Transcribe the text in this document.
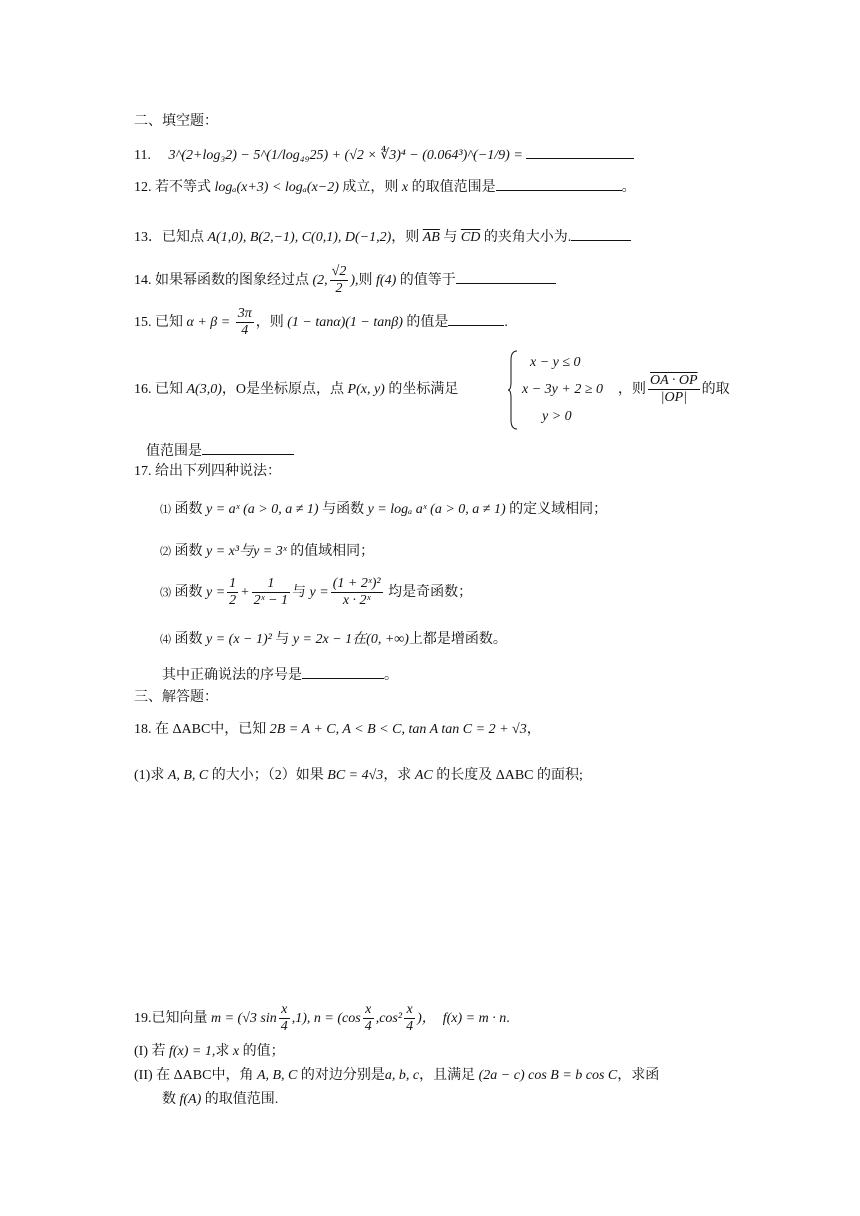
二、填空题：
11. 3^(2+log₃2) − 5^(1/log₄₉25) + (√2 × ∜3)⁴ − (0.064³)^(−1/9) =
12. 若不等式 logₐ(x+3) < logₐ(x−2) 成立，则 x 的取值范围是	。
13．已知点 A(1,0), B(2,−1), C(0,1), D(−1,2)，则 $\overline{AB}$ 与 $\overline{CD}$ 的夹角大小为.
14. 如果幂函数的图象经过点 (2, $\frac{√2}{2}$ ),则 f(4) 的值等于
15. 已知 $\alpha + \beta = \frac{3\pi}{4}$ ，则 (1 − tanα)(1 − tanβ) 的值是	.
16. 已知 A(3,0)，O是坐标原点，点 P(x, y) 的坐标满足
x − y ≤ 0
x − 3y + 2 ≥ 0
y > 0
，则 $\frac{OA \cdot OP}{|OP|}$ 的取
值范围是
17. 给出下列四种说法：
⑴ 函数 y = aˣ (a > 0, a ≠ 1) 与函数 y = logₐ aˣ (a > 0, a ≠ 1) 的定义域相同；
⑵ 函数 y = x³与y = 3ˣ 的值域相同；
⑶ 函数 $y = \frac{1}{2} + \frac{1}{\text{2ˣ − 1}}$ 与 $y = \frac{\text{(1 + 2ˣ)²}}{\text{x · 2ˣ}}$ 均是奇函数；
⑷ 函数 y = (x − 1)² 与 y = 2x − 1在(0, +∞)上都是增函数。
其中正确说法的序号是	。
三、解答题：
18. 在 ΔABC中，已知 2B = A + C, A < B < C, tan A tan C = 2 + √3，
(1)求 A, B, C 的大小；（2）如果 BC = 4√3，求 AC 的长度及 ΔABC 的面积;
19.已知向量 m = (√3 $\sin \frac{x}{4} ,1$), $n = (\cos \frac{x}{4} ,\cos^2 \frac{x}{4}$ )， f(x) = m · n.
(I) 若 f(x) = 1,求 x 的值；
(II) 在 ΔABC中，角 A, B, C 的对边分别是a, b, c，且满足 (2a − c) cos B = b cos C，求函
数 f(A) 的取值范围.
